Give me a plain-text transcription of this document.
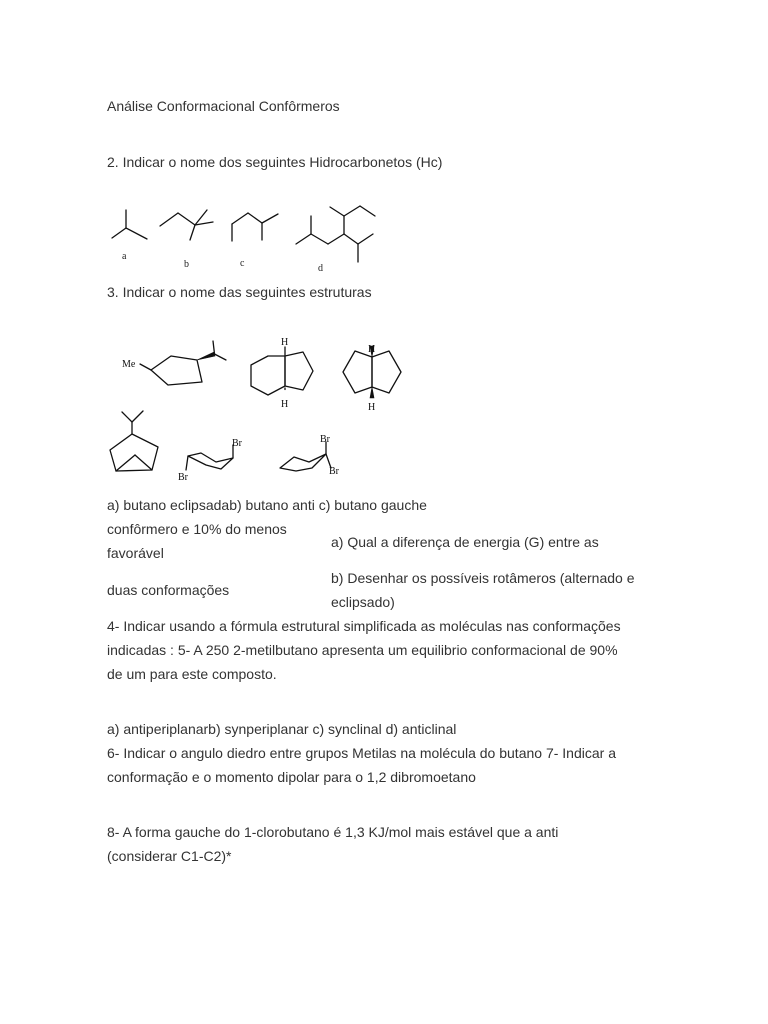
Análise Conformacional Confôrmeros
2. Indicar o nome dos seguintes Hidrocarbonetos (Hc)
a
b	c	d
3. Indicar o nome das seguintes estruturas
Me
H
H
H
H
Br
Br
Br
Br
a) butano eclipsadab) butano anti c) butano gauche
confôrmero e 10% do menos
favorável
duas conformações
a) Qual a diferença de energia (G) entre as
b) Desenhar os possíveis rotâmeros (alternado e
eclipsado)
4- Indicar usando a fórmula estrutural simplificada as moléculas nas conformações
indicadas : 5- A 250 2-metilbutano apresenta um equilibrio conformacional de 90%
de um para este composto.
a) antiperiplanarb) synperiplanar c) synclinal d) anticlinal
6- Indicar o angulo diedro entre grupos Metilas na molécula do butano 7- Indicar a
conformação e o momento dipolar para o 1,2 dibromoetano
8- A forma gauche do 1-clorobutano é 1,3 KJ/mol mais estável que a anti
(considerar C1-C2)*
